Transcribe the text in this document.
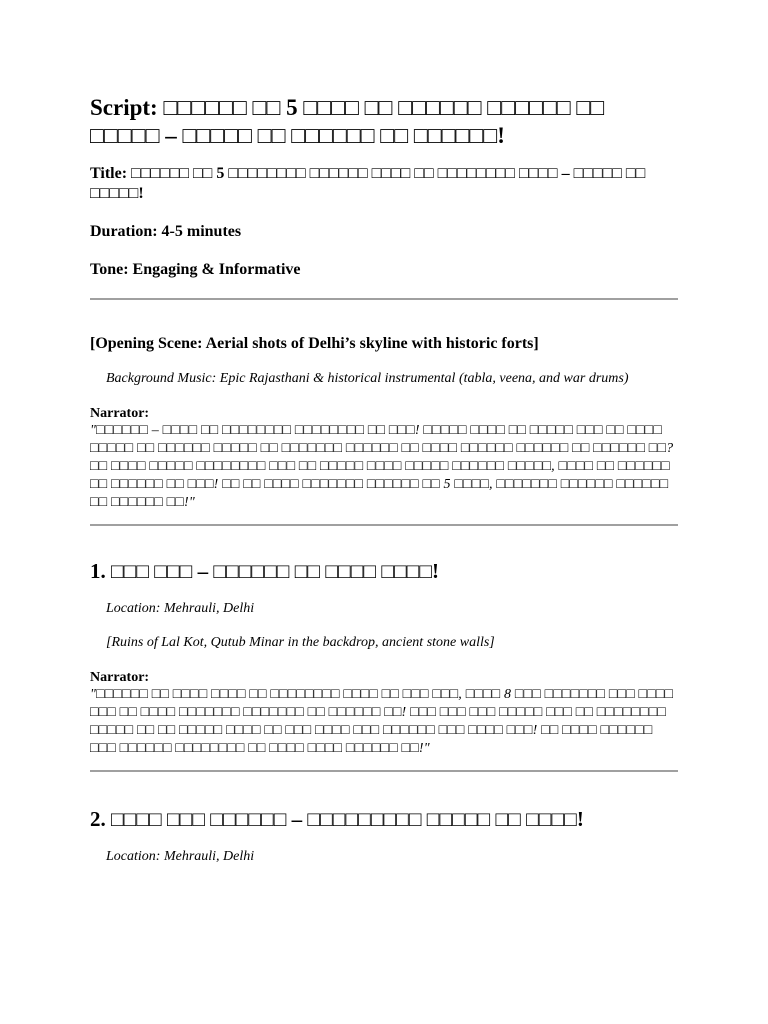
Script: □□□□□□ □□ 5 □□□□ □□ □□□□□□ □□□□□□ □□ □□□□□ – □□□□□ □□ □□□□□□ □□ □□□□□□!

Title: □□□□□□ □□ 5 □□□□□□□□ □□□□□□ □□□□ □□ □□□□□□□□ □□□□ – □□□□□ □□ □□□□□!

Duration: 4-5 minutes

Tone: Engaging & Informative

[Opening Scene: Aerial shots of Delhi’s skyline with historic forts]

Background Music: Epic Rajasthani & historical instrumental (tabla, veena, and war drums)

Narrator:

"□□□□□□ – □□□□ □□ □□□□□□□□ □□□□□□□□ □□ □□□! □□□□□ □□□□ □□ □□□□□ □□□ □□ □□□□ □□□□□ □□ □□□□□□ □□□□□ □□ □□□□□□□ □□□□□□ □□ □□□□ □□□□□□ □□□□□□ □□ □□□□□□ □□? □□ □□□□ □□□□□ □□□□□□□□ □□□ □□ □□□□□ □□□□ □□□□□ □□□□□□ □□□□□, □□□□ □□ □□□□□□ □□ □□□□□□ □□ □□□! □□ □□ □□□□ □□□□□□□ □□□□□□ □□ 5 □□□□, □□□□□□□ □□□□□□ □□□□□□ □□ □□□□□□ □□!"

1. □□□ □□□ – □□□□□□ □□ □□□□ □□□□!

Location: Mehrauli, Delhi

[Ruins of Lal Kot, Qutub Minar in the backdrop, ancient stone walls]

Narrator:

"□□□□□□ □□ □□□□ □□□□ □□ □□□□□□□□ □□□□ □□ □□□ □□□, □□□□ 8 □□□ □□□□□□□ □□□ □□□□ □□□ □□ □□□□ □□□□□□□ □□□□□□□ □□ □□□□□□ □□! □□□ □□□ □□□ □□□□□ □□□ □□ □□□□□□□□ □□□□□ □□ □□ □□□□□ □□□□ □□ □□□ □□□□ □□□ □□□□□□ □□□ □□□□ □□□! □□ □□□□ □□□□□□ □□□ □□□□□□ □□□□□□□□ □□ □□□□ □□□□ □□□□□□ □□!"

2. □□□□ □□□ □□□□□□ – □□□□□□□□□ □□□□□ □□ □□□□!

Location: Mehrauli, Delhi
